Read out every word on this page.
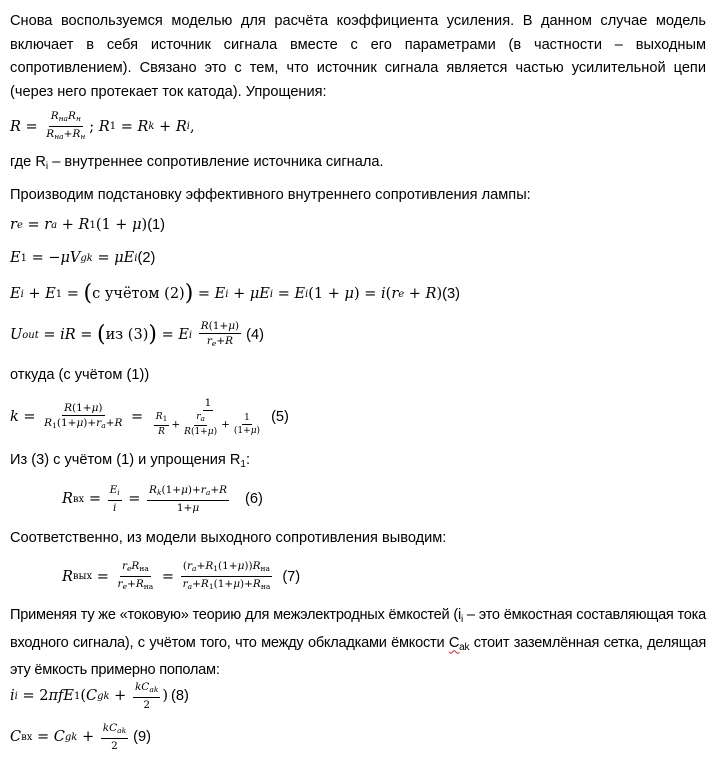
Снова воспользуемся моделью для расчёта коэффициента усиления. В данном случае модель включает в себя источник сигнала вместе с его параметрами (в частности – выходным сопротивлением). Связано это с тем, что источник сигнала является частью усилительной цепи (через него протекает ток катода). Упрощения:
R
=
$\frac{R_{на}R_н}{R_{на}+R_н}$ ; R 1
= R k
+ R i ,
где $R_i$ – внутреннее сопротивление источника сигнала.
Производим подстановку эффективного внутреннего сопротивления лампы:
r e
= r a
+ R 1 (1 + μ ) (1)
E 1
=
− μV gk
= μE i (2)
E i
+ E 1
=
( с учётом (2) )
= E i
+ μE i
= E i (1 + μ )
= i ( r e
+ R ) (3)
U out
= iR =
( из (3) )
= E i
$\frac{R(1+\mu)}{r_e+R} (4)$
откуда (с учётом (1))
k =
$\frac{R(1+\mu)}{R_1(1+\mu)+r_a+R}$
=
$\frac{1}{\frac{R_1}{R} + \frac{r_a}{R(1+\mu)} + \frac{1}{(1+\mu)}} (5)$
Из (3) с учётом (1) и упрощения $R_1$:
R вх
=
$\frac{E_i}{i}$
=
$\frac{R_k(1+\mu)+r_a+R}{1+\mu} (6)$
Соответственно, из модели выходного сопротивления выводим:
R вых
=
$\frac{r_eR_{на}}{r_e+R_{на}}$
=
$\frac{(r_a+R_1(1+\mu))R_{на}}{r_a+R_1(1+\mu)+R_{на}} (7)$
Применяя ту же «токовую» теорию для межэлектродных ёмкостей ($i_i$ – это ёмкостная составляющая тока входного сигнала), с учётом того, что между обкладками ёмкости $C_{ak}$ стоит заземлённая сетка, делящая эту ёмкость примерно пополам:
i i
=
2 πfE 1 ( C gk
+
$\frac{kC_{ak}}{2}$ ) (8)
C вх
= C gk
+
$\frac{kC_{ak}}{2} (9)$
